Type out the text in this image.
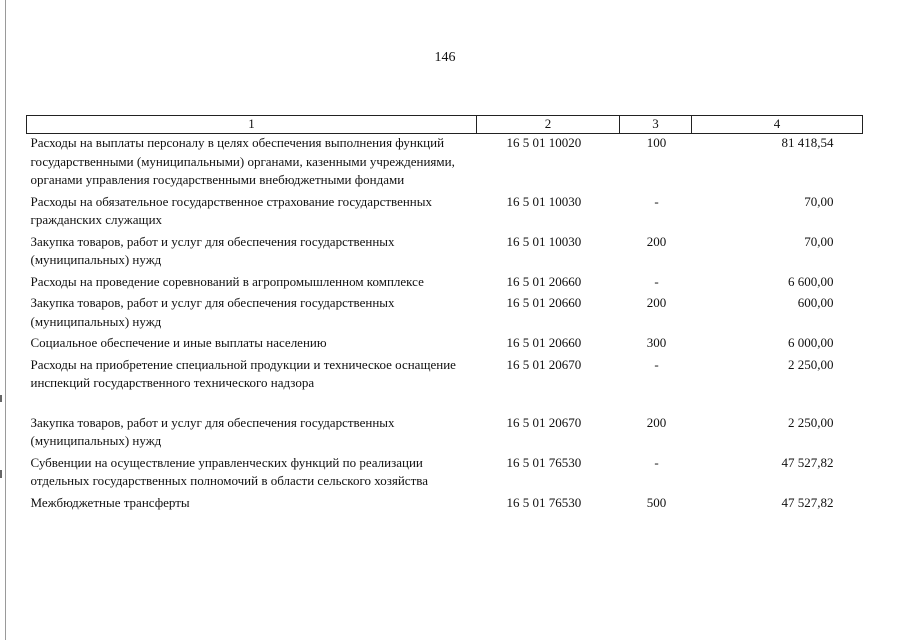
146
1	2	3	4
Расходы на выплаты персоналу в целях обеспечения выполнения функций государственными (муниципальными) органами, казенными учреждениями, органами управления государственными внебюджетными фондами	16 5 01 10020	100	81 418,54
Расходы на обязательное государственное страхование государственных гражданских служащих	16 5 01 10030	-	70,00
Закупка товаров, работ и услуг для обеспечения государственных (муниципальных) нужд	16 5 01 10030	200	70,00
Расходы на проведение соревнований в агропромышленном комплексе	16 5 01 20660	-	6 600,00
Закупка товаров, работ и услуг для обеспечения государственных (муниципальных) нужд	16 5 01 20660	200	600,00
Социальное обеспечение и иные выплаты населению	16 5 01 20660	300	6 000,00
Расходы на приобретение специальной продукции и техническое оснащение инспекций государственного технического надзора	16 5 01 20670	-	2 250,00
Закупка товаров, работ и услуг для обеспечения государственных (муниципальных) нужд	16 5 01 20670	200	2 250,00
Субвенции на осуществление управленческих функций по реализации отдельных государственных полномочий в области сельского хозяйства	16 5 01 76530	-	47 527,82
Межбюджетные трансферты	16 5 01 76530	500	47 527,82
